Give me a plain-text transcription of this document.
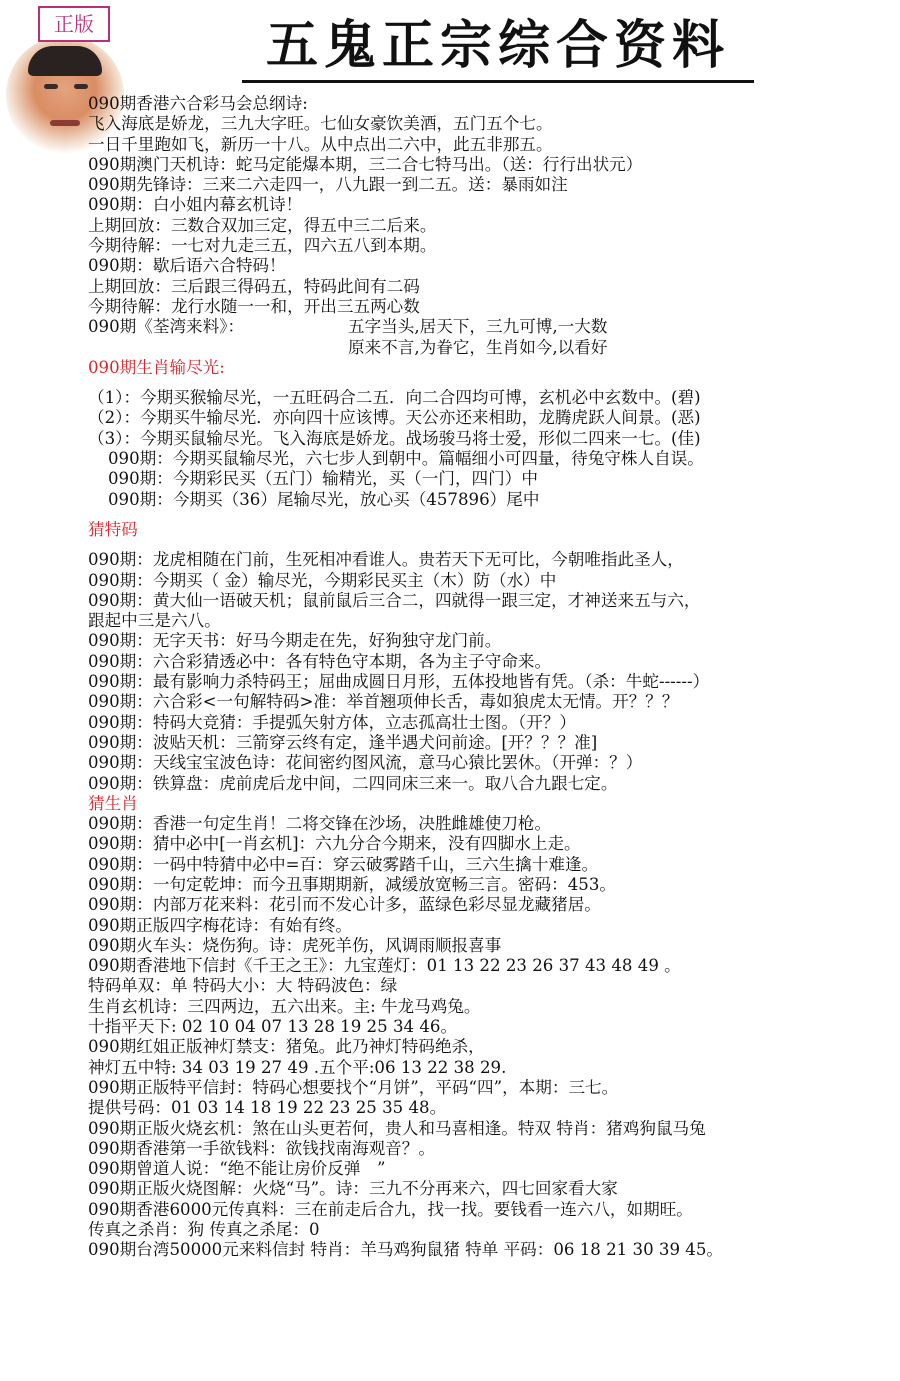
正版	五鬼正宗综合资料
090期香港六合彩马会总纲诗:
飞入海底是娇龙，三九大字旺。七仙女豪饮美酒，五门五个七。
一日千里跑如飞，新历一十八。从中点出二六中，此五非那五。
090期澳门天机诗：蛇马定能爆本期，三二合七特马出。（送：行行出状元）
090期先锋诗：三来二六走四一，八九跟一到二五。送：暴雨如注
090期：白小姐内幕玄机诗！
上期回放：三数合双加三定，得五中三二后来。
今期待解：一七对九走三五，四六五八到本期。
090期：歇后语六合特码！
上期回放：三后跟三得码五，特码此间有二码
今期待解：龙行水随一一和，开出三五两心数
090期《荃湾来料》：	五字当头,居天下，三九可博,一大数
原来不言,为眷它，生肖如今,以看好
090期生肖输尽光:
（1）：今期买猴输尽光，一五旺码合二五．向二合四均可博，玄机必中玄数中。(碧)
（2）：今期买牛输尽光．亦向四十应该博。天公亦还来相助，龙腾虎跃人间景。(恶)
（3）：今期买鼠输尽光。飞入海底是娇龙。战场骏马将士爱，形似二四来一七。(佳)
090期：今期买鼠输尽光，六七步人到朝中。篇幅细小可四量，待兔守株人自误。
090期：今期彩民买（五门）输精光，买（一门，四门）中
090期：今期买（36）尾输尽光，放心买（457896）尾中
猜特码
090期：龙虎相随在门前，生死相冲看谁人。贵若天下无可比，今朝唯指此圣人，
090期：今期买（ 金）输尽光，今期彩民买主（木）防（水）中
090期：黄大仙一语破天机；鼠前鼠后三合二，四就得一跟三定，才神送来五与六，
跟起中三是六八。
090期：无字天书：好马今期走在先，好狗独守龙门前。
090期：六合彩猜透必中：各有特色守本期，各为主子守命来。
090期：最有影响力杀特码王；屈曲成圆日月形，五体投地皆有凭。（杀：牛蛇------）
090期：六合彩<一句解特码>准：举首翘项伸长舌，毒如狼虎太无情。开？？？
090期：特码大竞猜：手提弧矢射方体，立志孤高壮士图。（开？）
090期：波贴天机：三箭穿云终有定，逢半遇犬问前途。[开？？？准]
090期：天线宝宝波色诗：花间密约图风流，意马心猿比罢休。（开弹：？）
090期：铁算盘：虎前虎后龙中间，二四同床三来一。取八合九跟七定。
猜生肖
090期：香港一句定生肖！二将交锋在沙场，决胜雌雄使刀枪。
090期：猜中必中[一肖玄机]：六九分合今期来，没有四脚水上走。
090期：一码中特猜中必中=百：穿云破雾踏千山，三六生擒十难逢。
090期：一句定乾坤：而今丑事期期新，减缓放宽畅三言。密码：453。
090期：内部万花来料：花引而不发心计多，蓝绿色彩尽显龙藏猪居。
090期正版四字梅花诗：有始有终。
090期火车头：烧伤狗。诗：虎死羊伤，风调雨顺报喜事
090期香港地下信封《千王之王》：九宝莲灯：01 13 22 23 26 37 43 48 49 。
特码单双：单 特码大小：大 特码波色：绿
生肖玄机诗：三四两边，五六出来。主: 牛龙马鸡兔。
十指平天下: 02 10 04 07 13 28 19 25 34 46。
090期红姐正版神灯禁支：猪兔。此乃神灯特码绝杀，
神灯五中特: 34 03 19 27 49 .五个平:06 13 22 38 29.
090期正版特平信封：特码心想要找个“月饼”，平码“四”，本期：三七。
提供号码：01 03 14 18 19 22 23 25 35 48。
090期正版火烧玄机：煞在山头更若何，贵人和马喜相逢。特双 特肖：猪鸡狗鼠马兔
090期香港第一手欲钱料：欲钱找南海观音？。
090期曾道人说：“绝不能让房价反弹　”
090期正版火烧图解：火烧“马”。诗：三九不分再来六，四七回家看大家
090期香港6000元传真料：三在前走后合九，找一找。要钱看一连六八，如期旺。
传真之杀肖：狗 传真之杀尾：0
090期台湾50000元来料信封 特肖：羊马鸡狗鼠猪 特单 平码：06 18 21 30 39 45。
